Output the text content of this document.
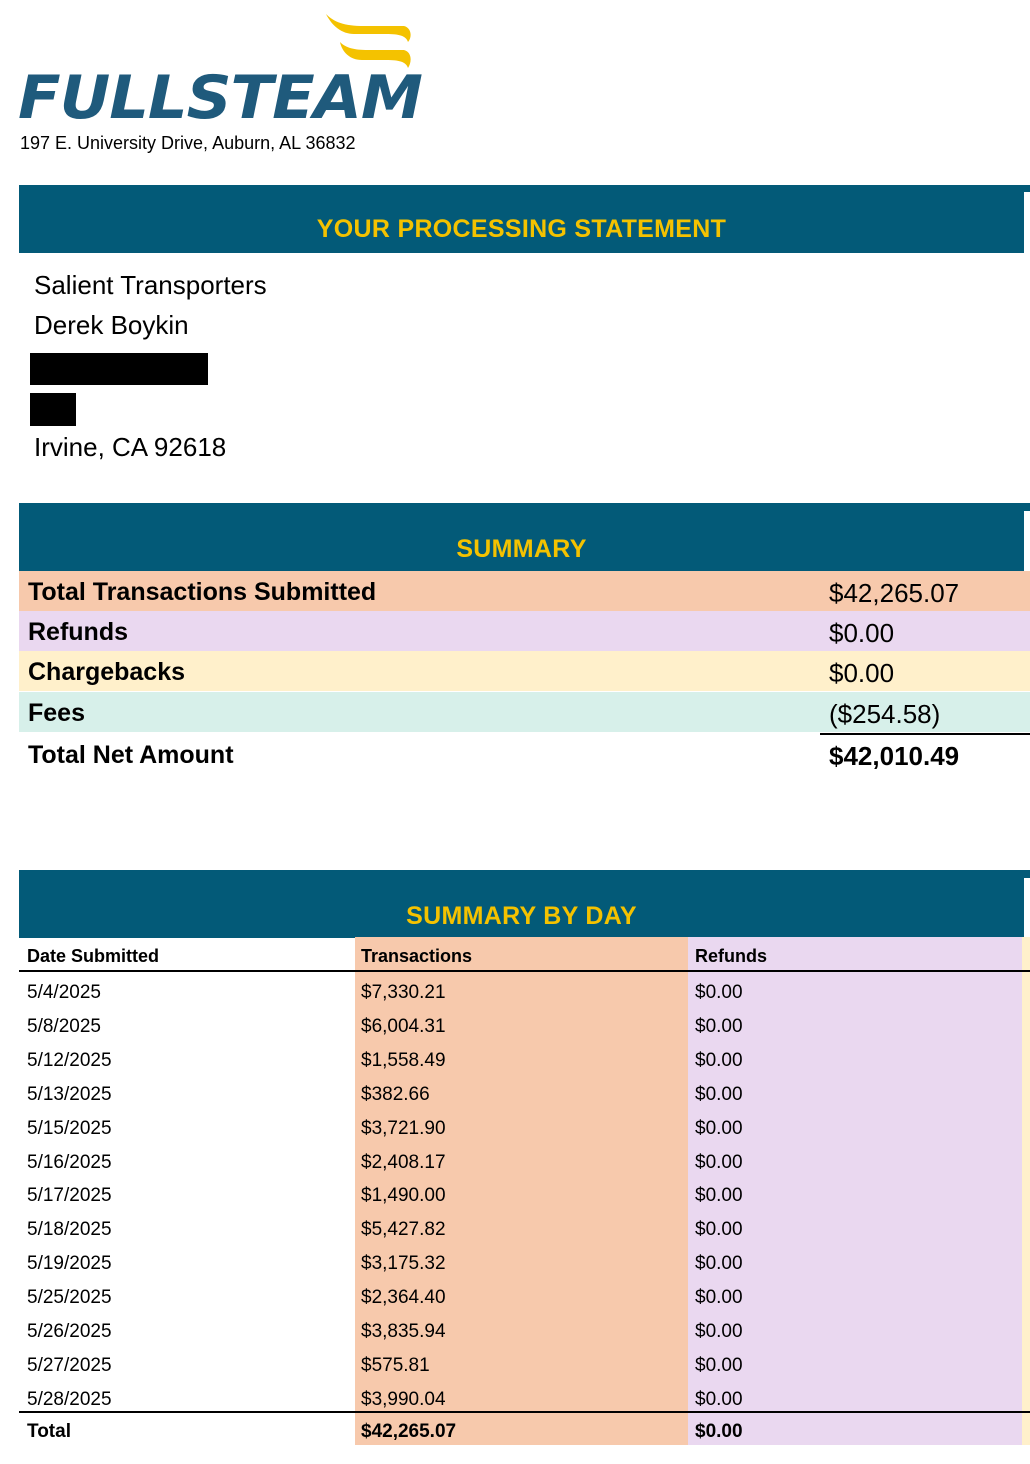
FULLSTEAM
197 E. University Drive, Auburn, AL 36832
YOUR PROCESSING STATEMENT
Salient Transporters
Derek Boykin
Irvine, CA 92618
SUMMARY
Total Transactions Submitted	$42,265.07
Refunds	$0.00
Chargebacks	$0.00
Fees	($254.58)
Total Net Amount	$42,010.49
SUMMARY BY DAY
Date Submitted	Transactions	Refunds
5/4/2025	$7,330.21	$0.00
5/8/2025	$6,004.31	$0.00
5/12/2025	$1,558.49	$0.00
5/13/2025	$382.66	$0.00
5/15/2025	$3,721.90	$0.00
5/16/2025	$2,408.17	$0.00
5/17/2025	$1,490.00	$0.00
5/18/2025	$5,427.82	$0.00
5/19/2025	$3,175.32	$0.00
5/25/2025	$2,364.40	$0.00
5/26/2025	$3,835.94	$0.00
5/27/2025	$575.81	$0.00
5/28/2025	$3,990.04	$0.00
Total	$42,265.07	$0.00
